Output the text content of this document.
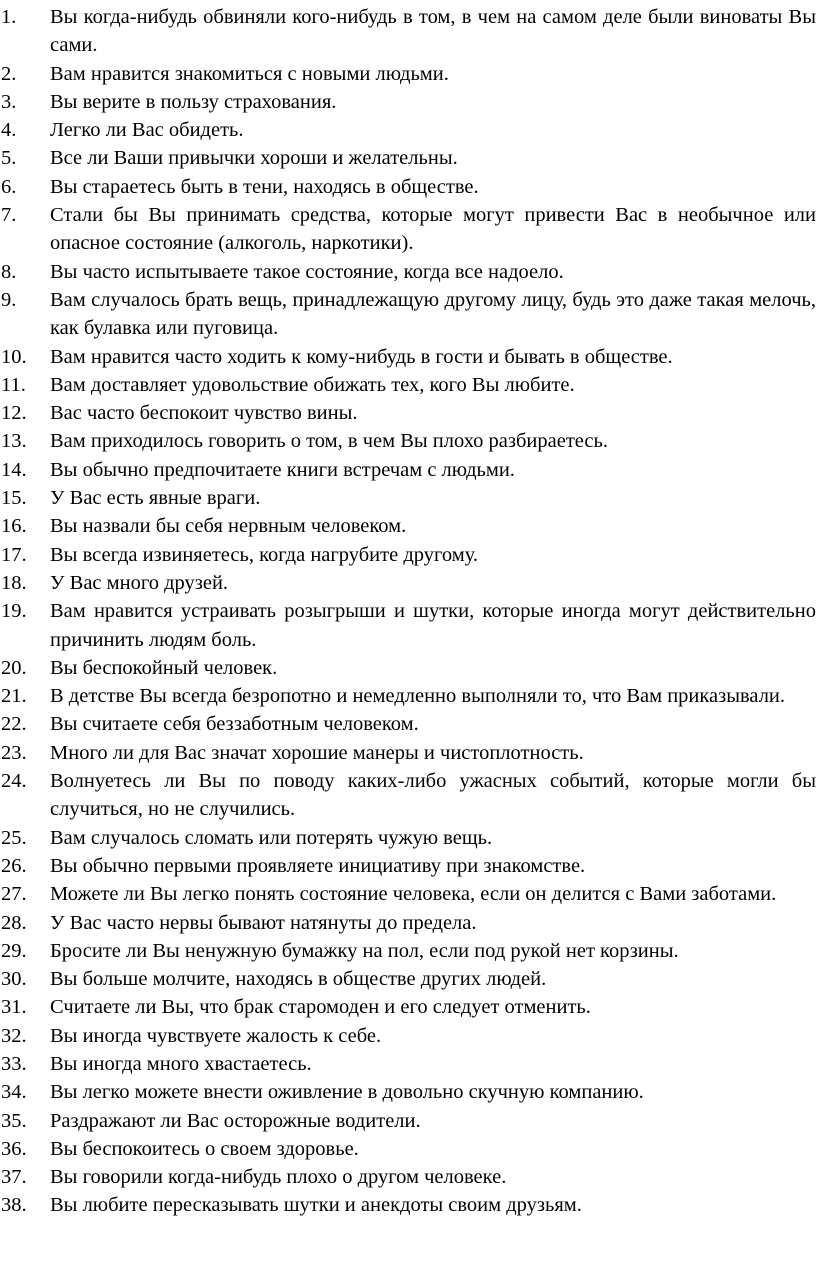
1. Вы когда-нибудь обвиняли кого-нибудь в том, в чем на самом деле были виноваты Вы сами.
2. Вам нравится знакомиться с новыми людьми.
3. Вы верите в пользу страхования.
4. Легко ли Вас обидеть.
5. Все ли Ваши привычки хороши и желательны.
6. Вы стараетесь быть в тени, находясь в обществе.
7. Стали бы Вы принимать средства, которые могут привести Вас в необычное или опасное состояние (алкоголь, наркотики).
8. Вы часто испытываете такое состояние, когда все надоело.
9. Вам случалось брать вещь, принадлежащую другому лицу, будь это даже такая мелочь, как булавка или пуговица.
10. Вам нравится часто ходить к кому-нибудь в гости и бывать в обществе.
11. Вам доставляет удовольствие обижать тех, кого Вы любите.
12. Вас часто беспокоит чувство вины.
13. Вам приходилось говорить о том, в чем Вы плохо разбираетесь.
14. Вы обычно предпочитаете книги встречам с людьми.
15. У Вас есть явные враги.
16. Вы назвали бы себя нервным человеком.
17. Вы всегда извиняетесь, когда нагрубите другому.
18. У Вас много друзей.
19. Вам нравится устраивать розыгрыши и шутки, которые иногда могут действительно причинить людям боль.
20. Вы беспокойный человек.
21. В детстве Вы всегда безропотно и немедленно выполняли то, что Вам приказывали.
22. Вы считаете себя беззаботным человеком.
23. Много ли для Вас значат хорошие манеры и чистоплотность.
24. Волнуетесь ли Вы по поводу каких-либо ужасных событий, которые могли бы случиться, но не случились.
25. Вам случалось сломать или потерять чужую вещь.
26. Вы обычно первыми проявляете инициативу при знакомстве.
27. Можете ли Вы легко понять состояние человека, если он делится с Вами заботами.
28. У Вас часто нервы бывают натянуты до предела.
29. Бросите ли Вы ненужную бумажку на пол, если под рукой нет корзины.
30. Вы больше молчите, находясь в обществе других людей.
31. Считаете ли Вы, что брак старомоден и его следует отменить.
32. Вы иногда чувствуете жалость к себе.
33. Вы иногда много хвастаетесь.
34. Вы легко можете внести оживление в довольно скучную компанию.
35. Раздражают ли Вас осторожные водители.
36. Вы беспокоитесь о своем здоровье.
37. Вы говорили когда-нибудь плохо о другом человеке.
38. Вы любите пересказывать шутки и анекдоты своим друзьям.
